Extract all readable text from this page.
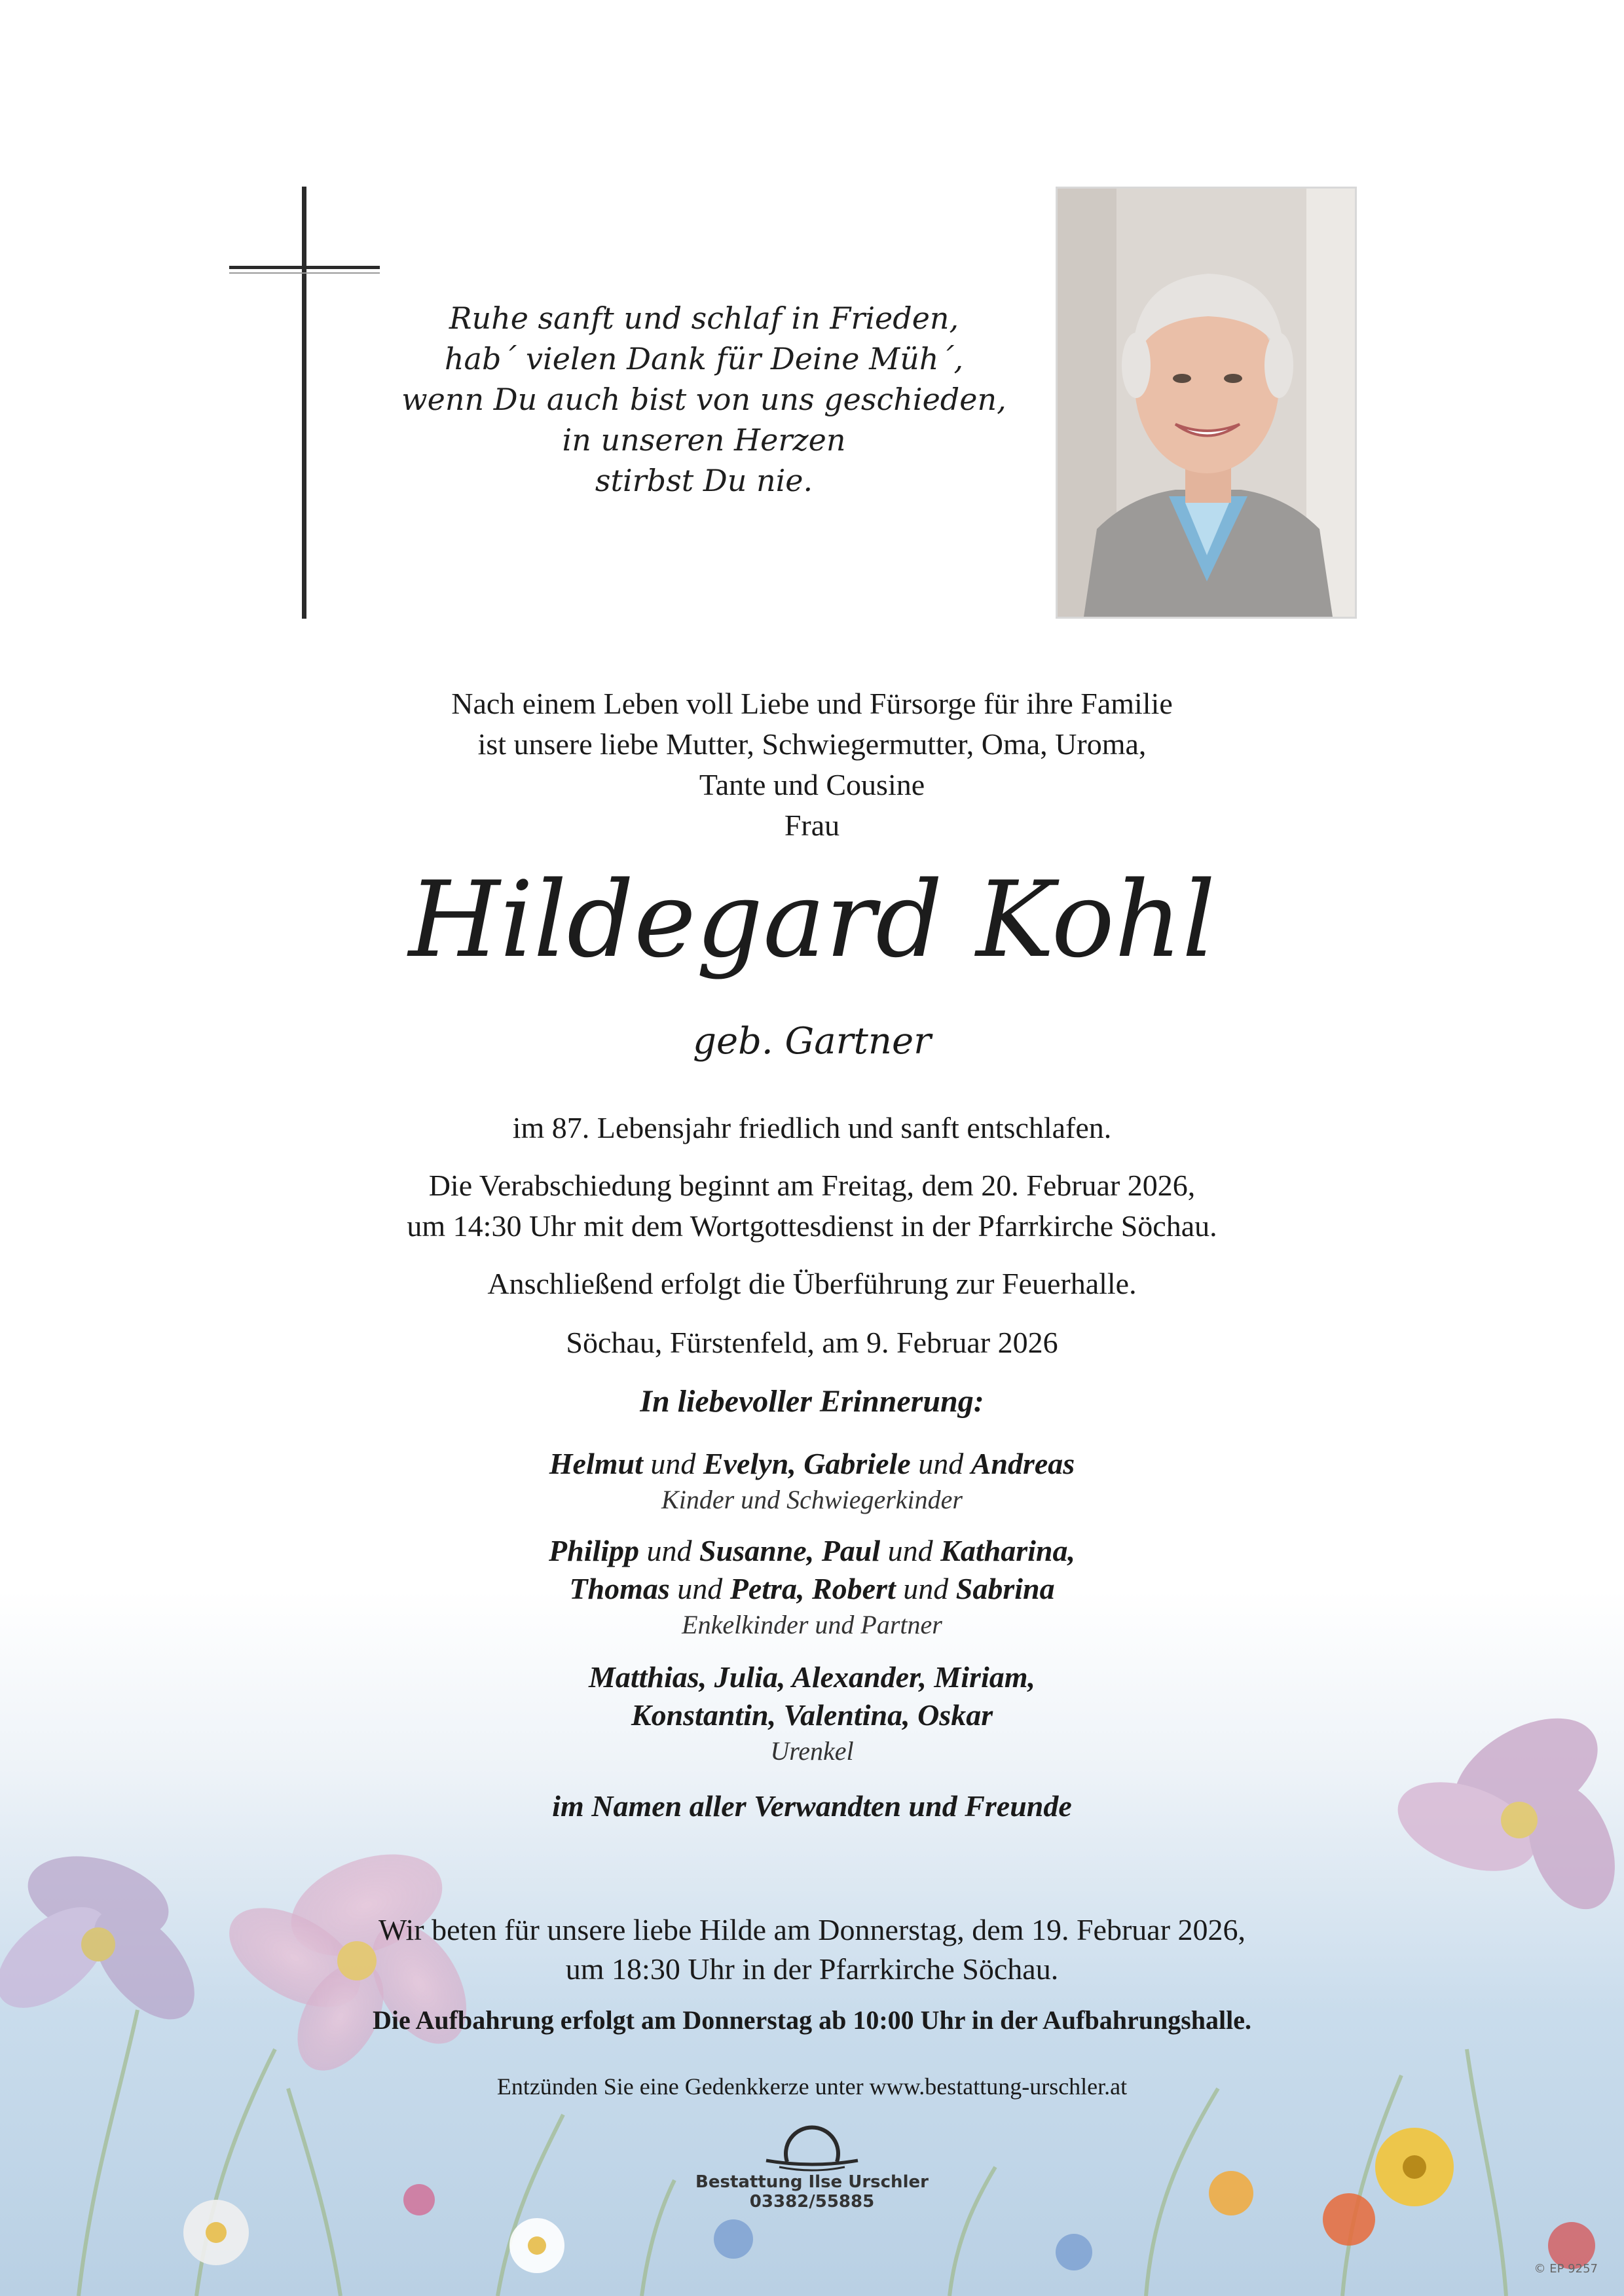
Ruhe sanft und schlaf in Frieden,
hab´ vielen Dank für Deine Müh´,
wenn Du auch bist von uns geschieden,
in unseren Herzen
stirbst Du nie.
Nach einem Leben voll Liebe und Fürsorge für ihre Familie
ist unsere liebe Mutter, Schwiegermutter, Oma, Uroma,
Tante und Cousine
Frau
Hildegard Kohl
geb. Gartner
im 87. Lebensjahr friedlich und sanft entschlafen.
Die Verabschiedung beginnt am Freitag, dem 20. Februar 2026,
um 14:30 Uhr mit dem Wortgottesdienst in der Pfarrkirche Söchau.
Anschließend erfolgt die Überführung zur Feuerhalle.
Söchau, Fürstenfeld, am 9. Februar 2026
In liebevoller Erinnerung:
Helmut und Evelyn, Gabriele und Andreas
Kinder und Schwiegerkinder
Philipp und Susanne, Paul und Katharina,
Thomas und Petra, Robert und Sabrina
Enkelkinder und Partner
Matthias, Julia, Alexander, Miriam,
Konstantin, Valentina, Oskar
Urenkel
im Namen aller Verwandten und Freunde
Wir beten für unsere liebe Hilde am Donnerstag, dem 19. Februar 2026,
um 18:30 Uhr in der Pfarrkirche Söchau.
Die Aufbahrung erfolgt am Donnerstag ab 10:00 Uhr in der Aufbahrungshalle.
Entzünden Sie eine Gedenkkerze unter www.bestattung-urschler.at
Bestattung Ilse Urschler
03382/55885
© EP 9257
